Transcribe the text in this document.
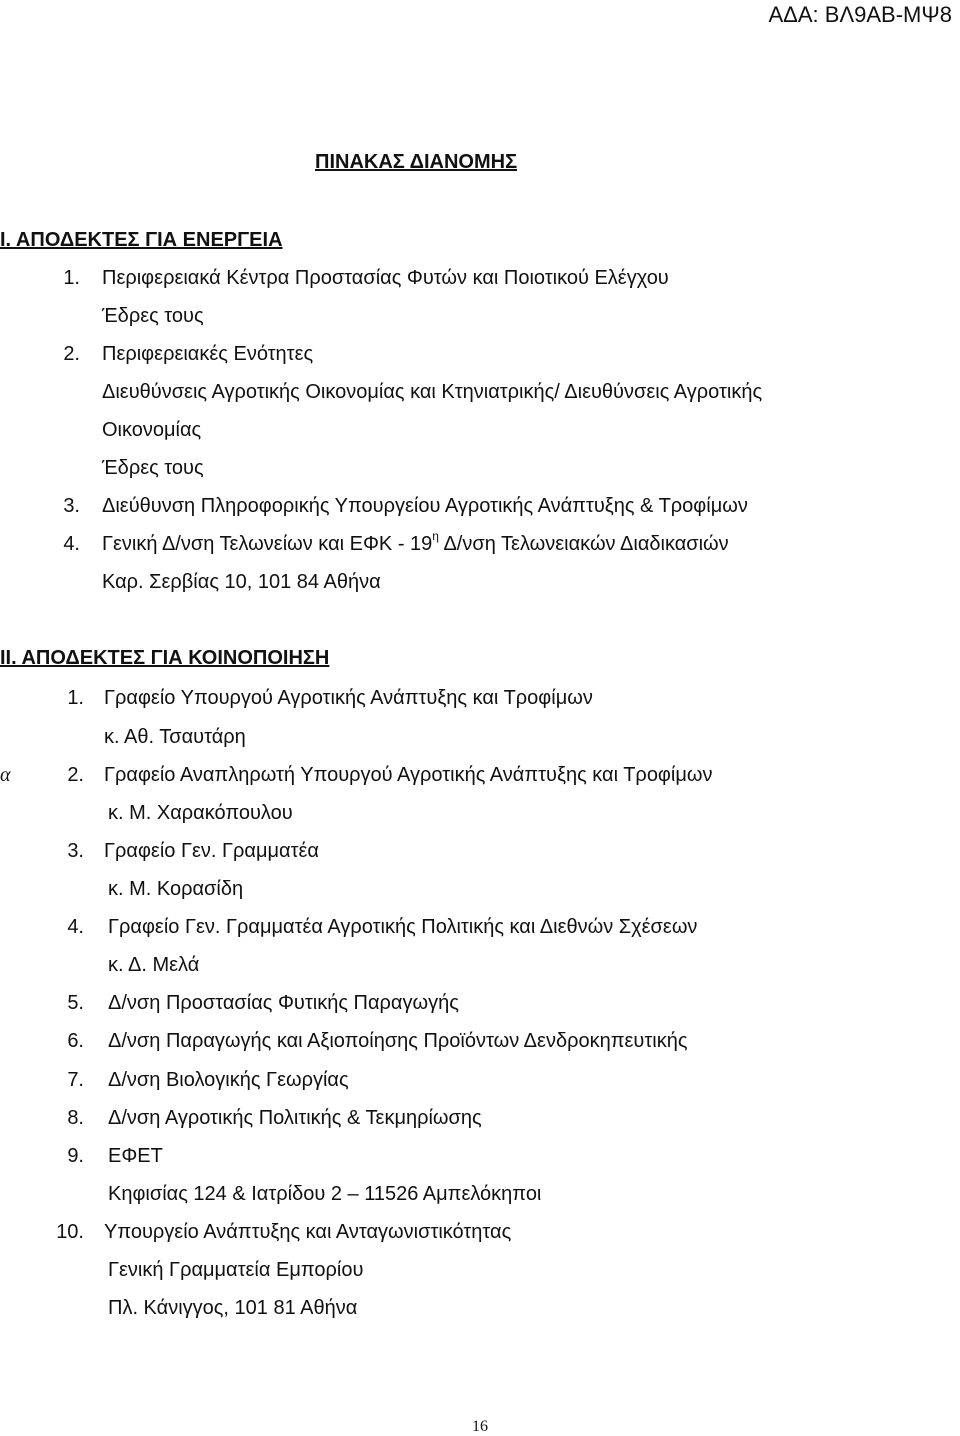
ΑΔΑ: ΒΛ9ΑΒ-ΜΨ8
ΠΙΝΑΚΑΣ ΔΙΑΝΟΜΗΣ
Ι. ΑΠΟΔΕΚΤΕΣ ΓΙΑ ΕΝΕΡΓΕΙΑ
1. Περιφερειακά Κέντρα Προστασίας Φυτών και Ποιοτικού Ελέγχου
Έδρες τους
2. Περιφερειακές Ενότητες
Διευθύνσεις Αγροτικής Οικονομίας και Κτηνιατρικής/ Διευθύνσεις Αγροτικής
Οικονομίας
Έδρες τους
3. Διεύθυνση Πληροφορικής Υπουργείου Αγροτικής Ανάπτυξης & Τροφίμων
4. Γενική Δ/νση Τελωνείων και ΕΦΚ - $19^\eta$ Δ/νση Τελωνειακών Διαδικασιών
Καρ. Σερβίας 10, 101 84 Αθήνα
ΙΙ. ΑΠΟΔΕΚΤΕΣ ΓΙΑ ΚΟΙΝΟΠΟΙΗΣΗ
α
1. Γραφείο Υπουργού Αγροτικής Ανάπτυξης και Τροφίμων
κ. Αθ. Τσαυτάρη
2. Γραφείο Αναπληρωτή Υπουργού Αγροτικής Ανάπτυξης και Τροφίμων
κ. Μ. Χαρακόπουλου
3. Γραφείο Γεν. Γραμματέα
κ. Μ. Κορασίδη
4. Γραφείο Γεν. Γραμματέα Αγροτικής Πολιτικής και Διεθνών Σχέσεων
κ. Δ. Μελά
5. Δ/νση Προστασίας Φυτικής Παραγωγής
6. Δ/νση Παραγωγής και Αξιοποίησης Προϊόντων Δενδροκηπευτικής
7. Δ/νση Βιολογικής Γεωργίας
8. Δ/νση Αγροτικής Πολιτικής & Τεκμηρίωσης
9. ΕΦΕΤ
Κηφισίας 124 & Ιατρίδου 2 – 11526 Αμπελόκηποι
10. Υπουργείο Ανάπτυξης και Ανταγωνιστικότητας
Γενική Γραμματεία Εμπορίου
Πλ. Κάνιγγος, 101 81 Αθήνα
16
